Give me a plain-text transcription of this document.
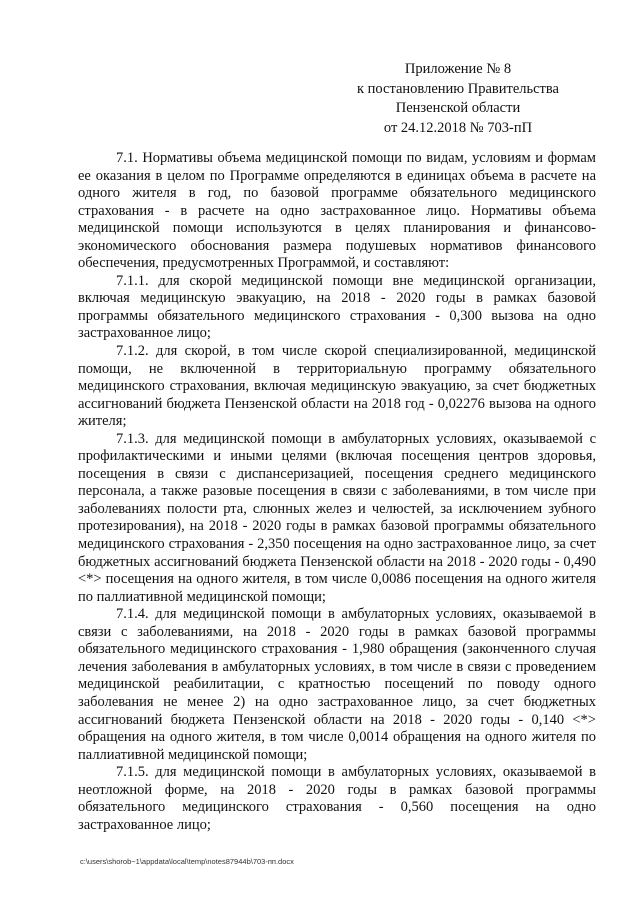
Приложение № 8
к постановлению Правительства
Пензенской области
от 24.12.2018 № 703-пП

7.1. Нормативы объема медицинской помощи по видам, условиям и формам ее оказания в целом по Программе определяются в единицах объема в расчете на одного жителя в год, по базовой программе обязательного медицинского страхования - в расчете на одно застрахованное лицо. Нормативы объема медицинской помощи используются в целях планирования и финансово-экономического обоснования размера подушевых нормативов финансового обеспечения, предусмотренных Программой, и составляют:

7.1.1. для скорой медицинской помощи вне медицинской организации, включая медицинскую эвакуацию, на 2018 - 2020 годы в рамках базовой программы обязательного медицинского страхования - 0,300 вызова на одно застрахованное лицо;

7.1.2. для скорой, в том числе скорой специализированной, медицинской помощи, не включенной в территориальную программу обязательного медицинского страхования, включая медицинскую эвакуацию, за счет бюджетных ассигнований бюджета Пензенской области на 2018 год - 0,02276 вызова на одного жителя;

7.1.3. для медицинской помощи в амбулаторных условиях, оказываемой с профилактическими и иными целями (включая посещения центров здоровья, посещения в связи с диспансеризацией, посещения среднего медицинского персонала, а также разовые посещения в связи с заболеваниями, в том числе при заболеваниях полости рта, слюнных желез и челюстей, за исключением зубного протезирования), на 2018 - 2020 годы в рамках базовой программы обязательного медицинского страхования - 2,350 посещения на одно застрахованное лицо, за счет бюджетных ассигнований бюджета Пензенской области на 2018 - 2020 годы - 0,490 <*> посещения на одного жителя, в том числе 0,0086 посещения на одного жителя по паллиативной медицинской помощи;

7.1.4. для медицинской помощи в амбулаторных условиях, оказываемой в связи с заболеваниями, на 2018 - 2020 годы в рамках базовой программы обязательного медицинского страхования - 1,980 обращения (законченного случая лечения заболевания в амбулаторных условиях, в том числе в связи с проведением медицинской реабилитации, с кратностью посещений по поводу одного заболевания не менее 2) на одно застрахованное лицо, за счет бюджетных ассигнований бюджета Пензенской области на 2018 - 2020 годы - 0,140 <*> обращения на одного жителя, в том числе 0,0014 обращения на одного жителя по паллиативной медицинской помощи;

7.1.5. для медицинской помощи в амбулаторных условиях, оказываемой в неотложной форме, на 2018 - 2020 годы в рамках базовой программы обязательного медицинского страхования - 0,560 посещения на одно застрахованное лицо;

c:\users\shorob~1\appdata\local\temp\notes87944b\703-пп.docx
